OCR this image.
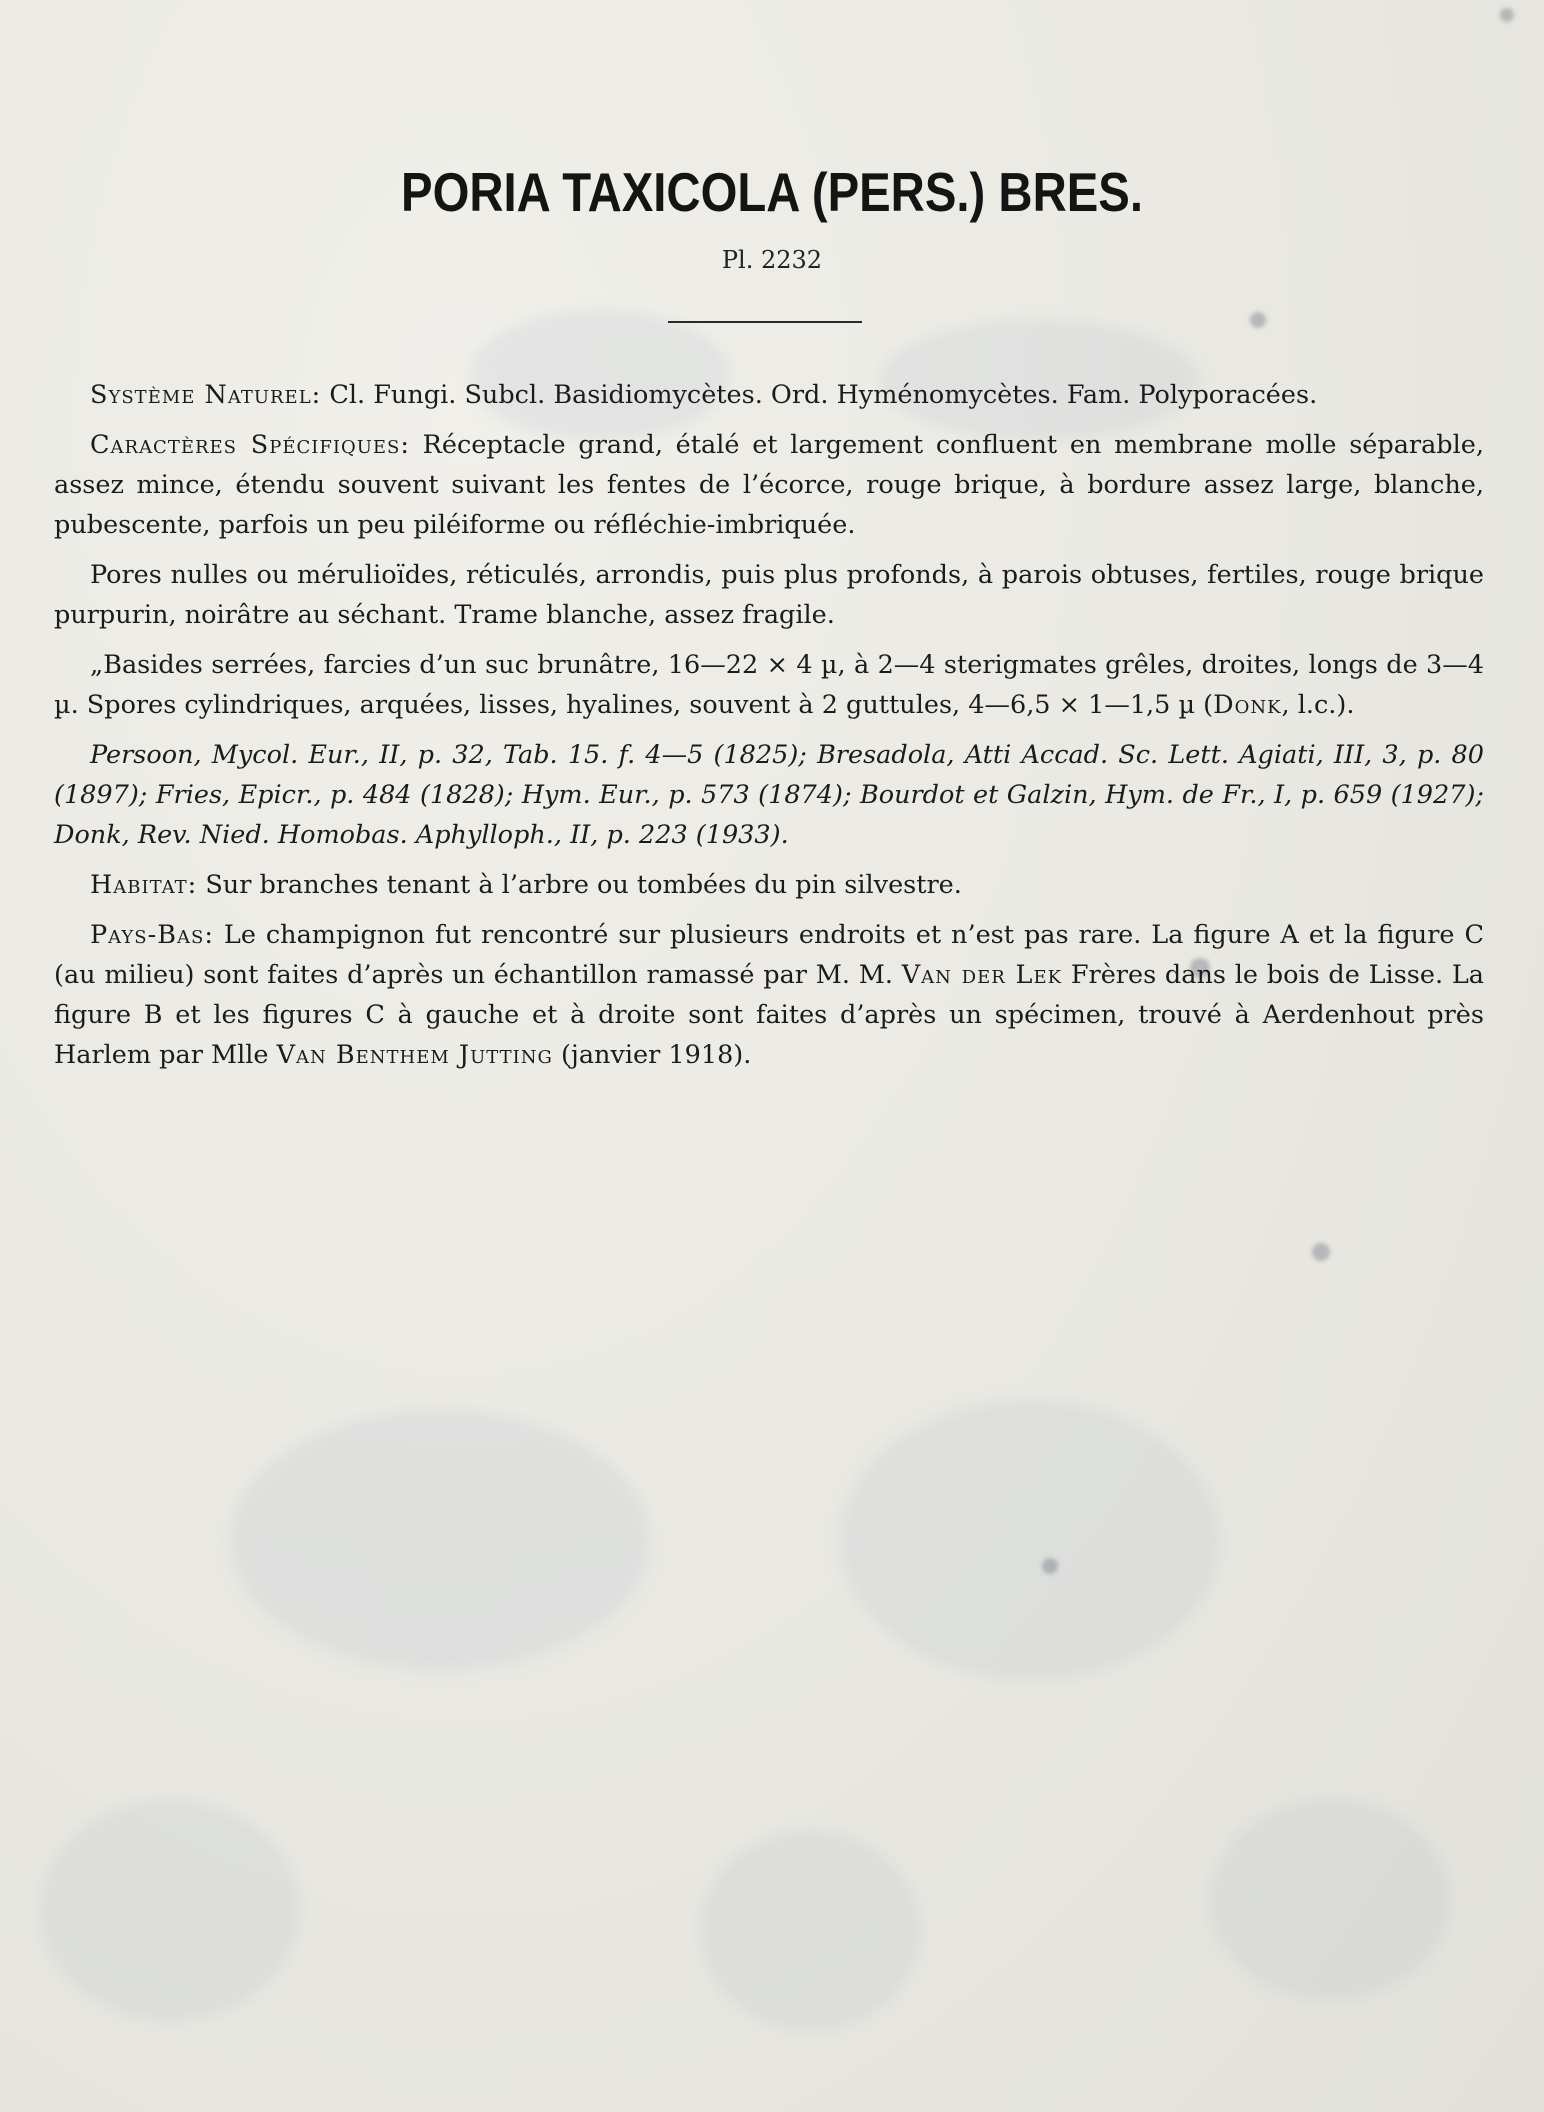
PORIA TAXICOLA (PERS.) BRES.
Pl. 2232

Système Naturel: Cl. Fungi. Subcl. Basidiomycètes. Ord. Hyménomycètes. Fam. Polyporacées.

Caractères Spécifiques: Réceptacle grand, étalé et largement confluent en membrane molle séparable, assez mince, étendu souvent suivant les fentes de l’écorce, rouge brique, à bordure assez large, blanche, pubescente, parfois un peu piléiforme ou réfléchie-imbriquée.

Pores nulles ou mérulioïdes, réticulés, arrondis, puis plus profonds, à parois obtuses, fertiles, rouge brique purpurin, noirâtre au séchant. Trame blanche, assez fragile.

„Basides serrées, farcies d’un suc brunâtre, 16—22 × 4 µ, à 2—4 sterigmates grêles, droites, longs de 3—4 µ. Spores cylindriques, arquées, lisses, hyalines, souvent à 2 guttules, 4—6,5 × 1—1,5 µ (Donk, l.c.).

Persoon, Mycol. Eur., II, p. 32, Tab. 15. f. 4—5 (1825); Bresadola, Atti Accad. Sc. Lett. Agiati, III, 3, p. 80 (1897); Fries, Epicr., p. 484 (1828); Hym. Eur., p. 573 (1874); Bourdot et Galzin, Hym. de Fr., I, p. 659 (1927); Donk, Rev. Nied. Homobas. Aphylloph., II, p. 223 (1933).

Habitat: Sur branches tenant à l’arbre ou tombées du pin silvestre.

Pays-Bas: Le champignon fut rencontré sur plusieurs endroits et n’est pas rare. La figure A et la figure C (au milieu) sont faites d’après un échantillon ramassé par M. M. Van der Lek Frères dans le bois de Lisse. La figure B et les figures C à gauche et à droite sont faites d’après un spécimen, trouvé à Aerdenhout près Harlem par Mlle Van Benthem Jutting (janvier 1918).
